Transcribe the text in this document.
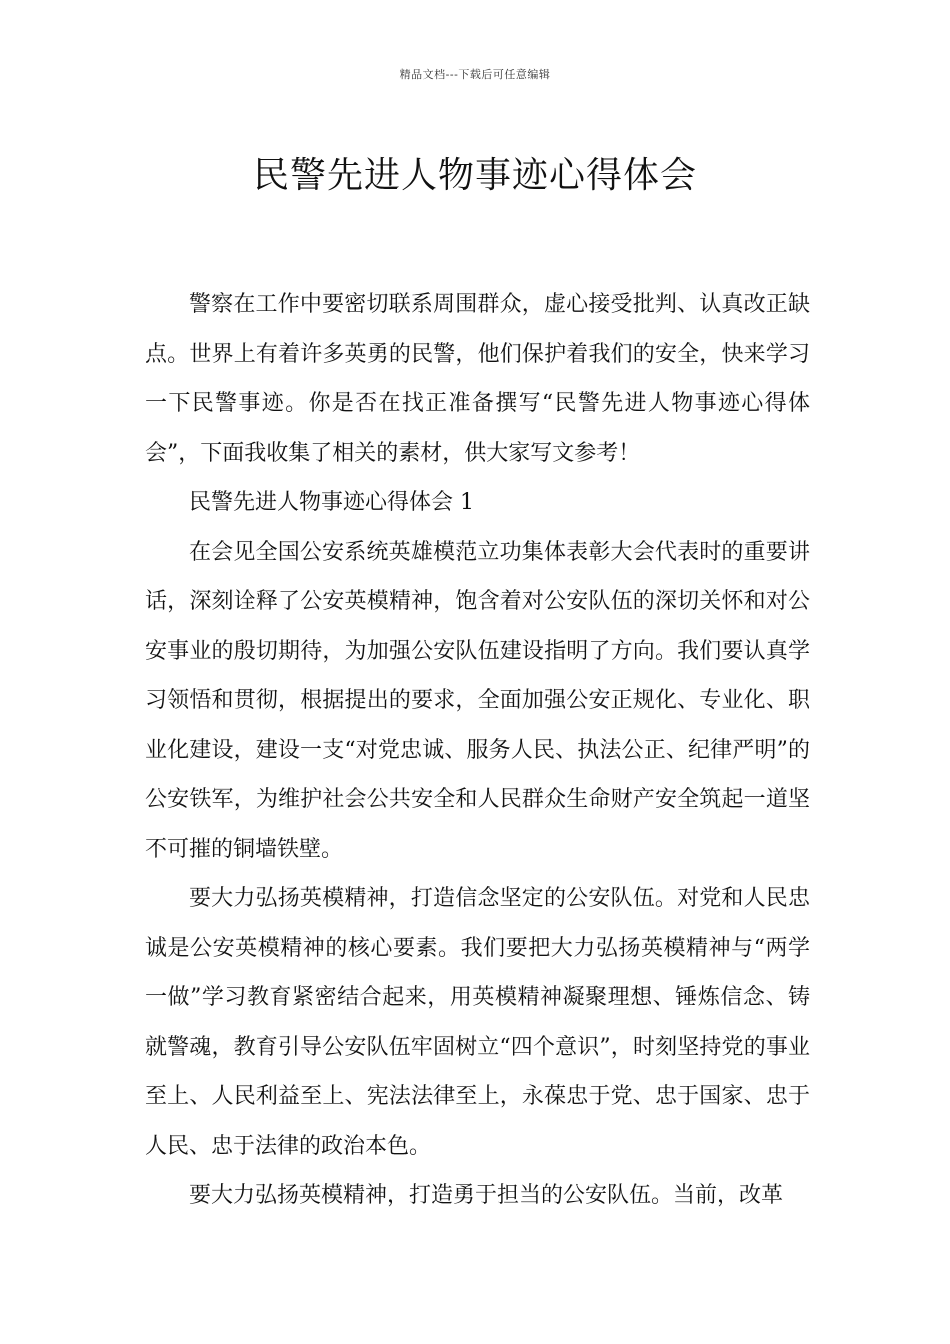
精品文档---下载后可任意编辑
民警先进人物事迹心得体会

警察在工作中要密切联系周围群众，虚心接受批判、认真改正缺点。世界上有着许多英勇的民警，他们保护着我们的安全，快来学习一下民警事迹。你是否在找正准备撰写“民警先进人物事迹心得体会”，下面我收集了相关的素材，供大家写文参考！

民警先进人物事迹心得体会 1

在会见全国公安系统英雄模范立功集体表彰大会代表时的重要讲话，深刻诠释了公安英模精神，饱含着对公安队伍的深切关怀和对公安事业的殷切期待，为加强公安队伍建设指明了方向。我们要认真学习领悟和贯彻，根据提出的要求，全面加强公安正规化、专业化、职业化建设，建设一支“对党忠诚、服务人民、执法公正、纪律严明”的公安铁军，为维护社会公共安全和人民群众生命财产安全筑起一道坚不可摧的铜墙铁壁。

要大力弘扬英模精神，打造信念坚定的公安队伍。对党和人民忠诚是公安英模精神的核心要素。我们要把大力弘扬英模精神与“两学一做”学习教育紧密结合起来，用英模精神凝聚理想、锤炼信念、铸就警魂，教育引导公安队伍牢固树立“四个意识”，时刻坚持党的事业至上、人民利益至上、宪法法律至上，永葆忠于党、忠于国家、忠于人民、忠于法律的政治本色。

要大力弘扬英模精神，打造勇于担当的公安队伍。当前，改革
